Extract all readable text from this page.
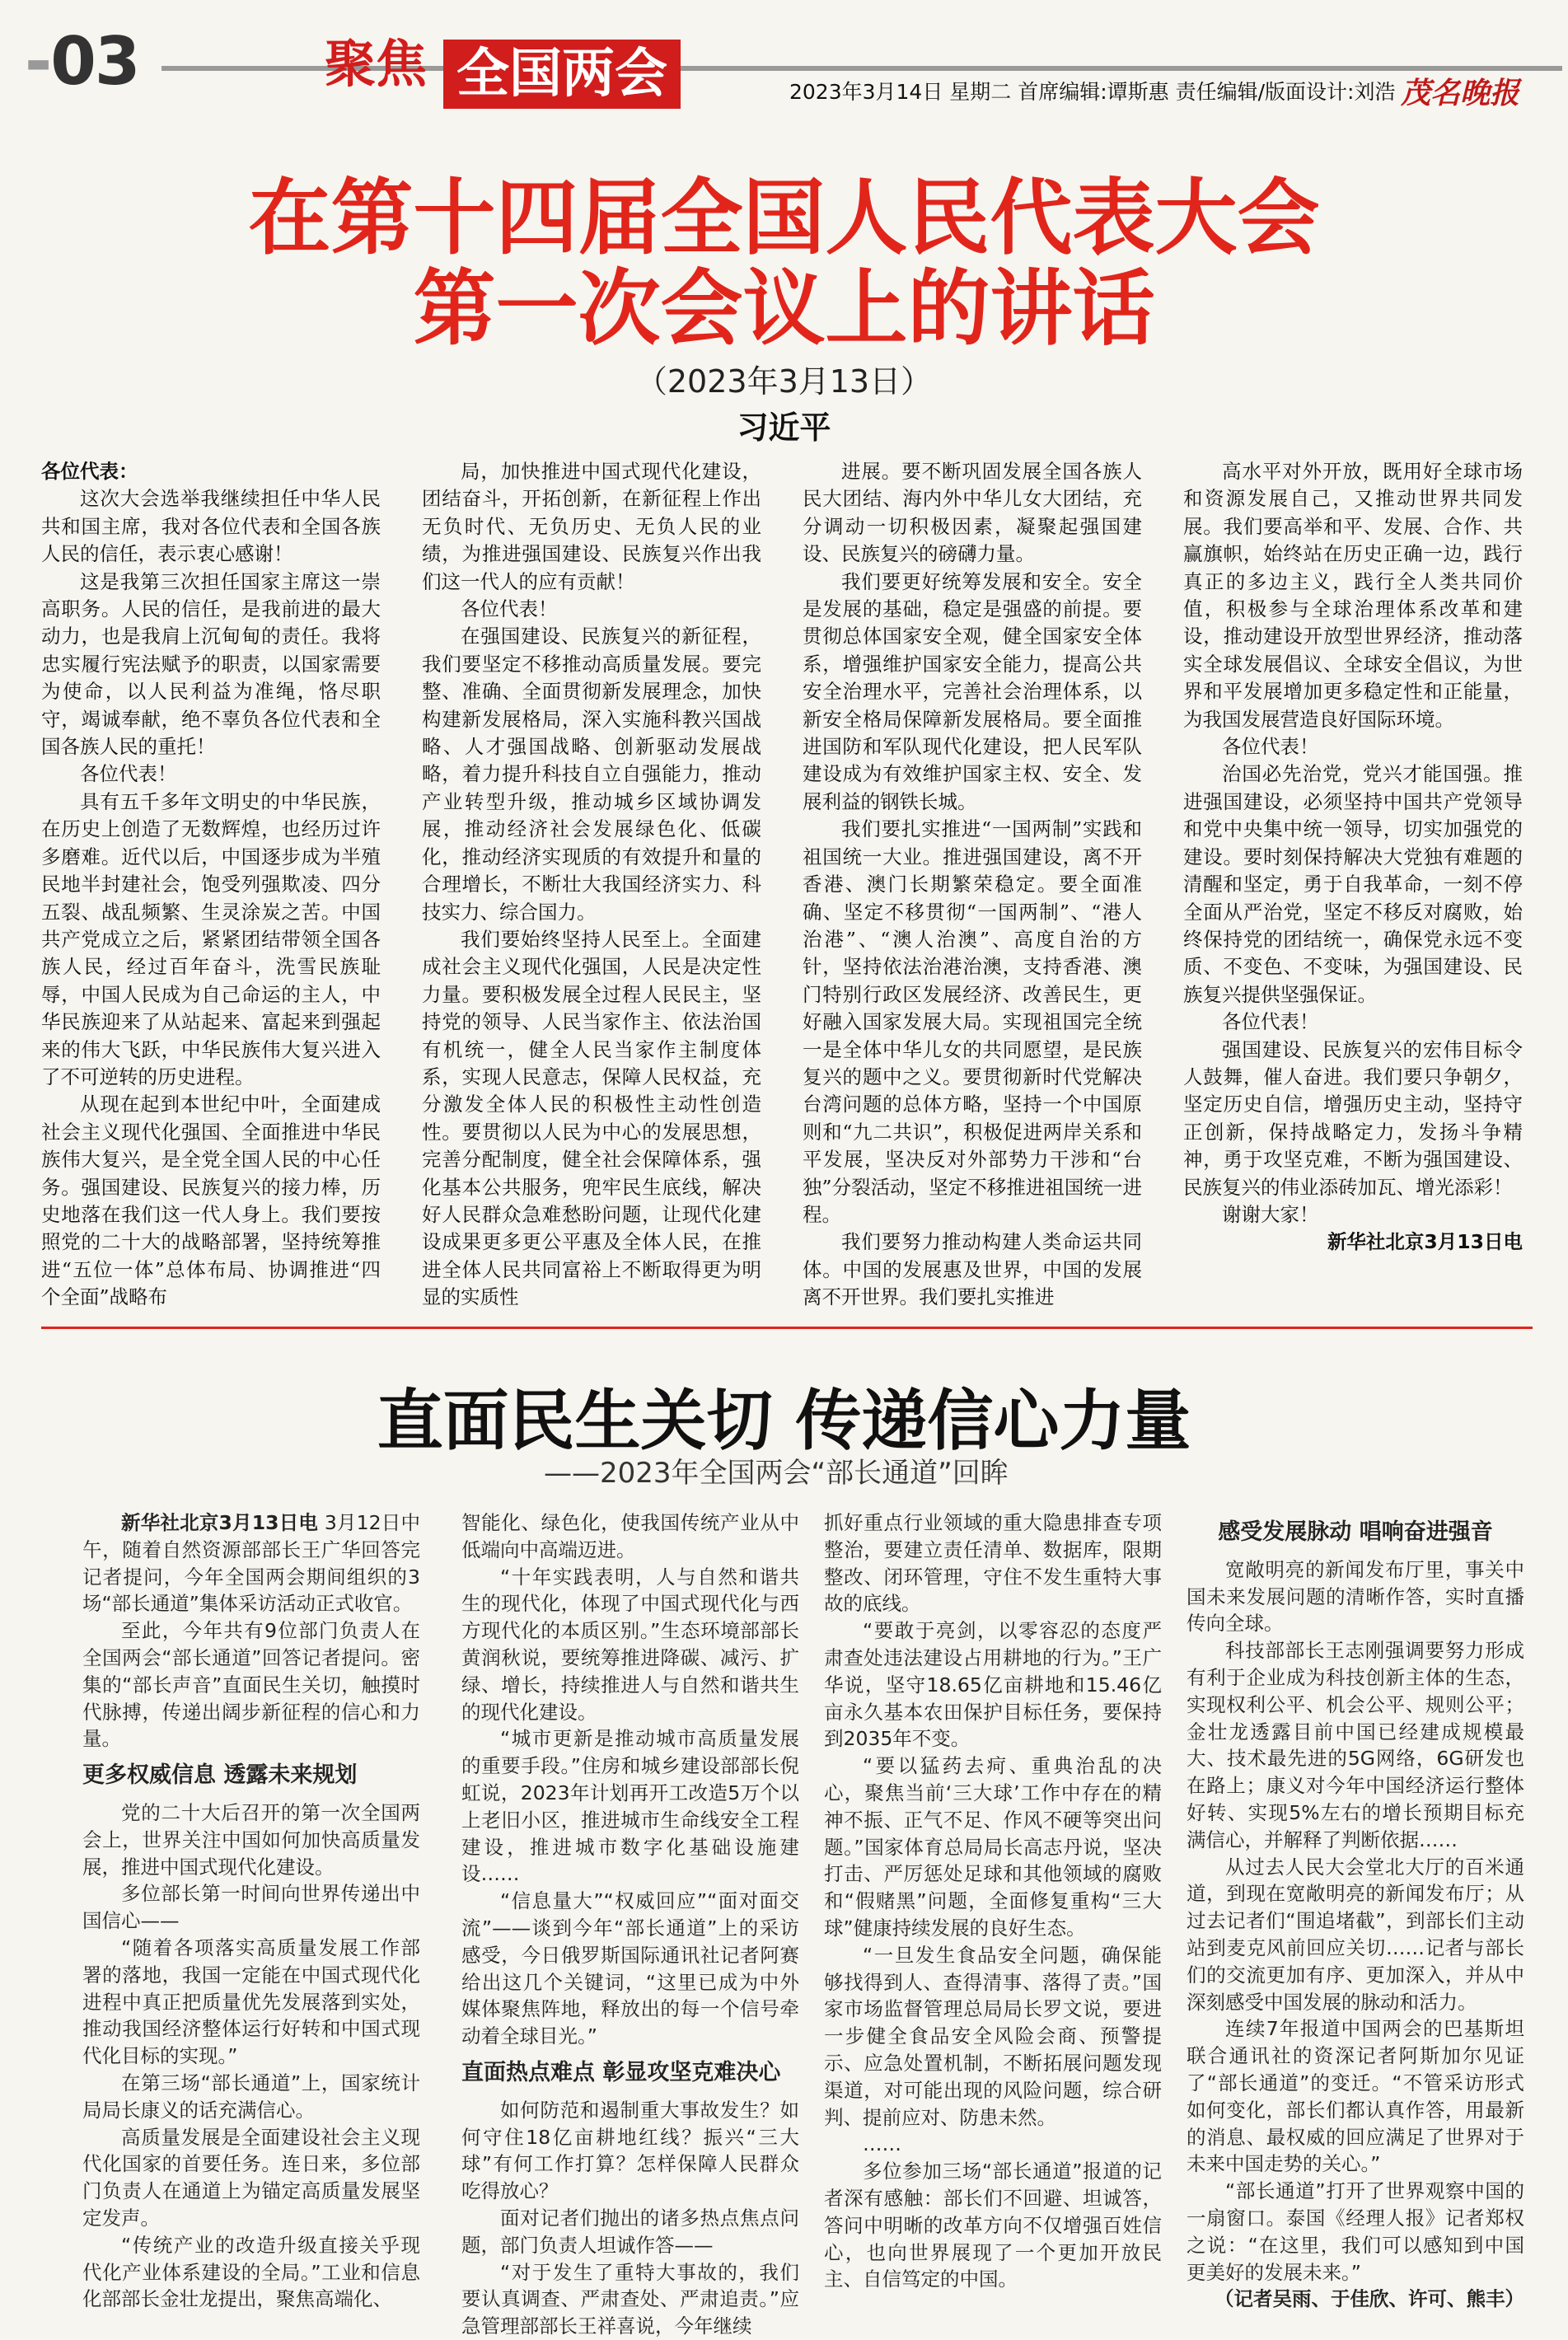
-03	聚焦 全国两会	2023年3月14日 星期二 首席编辑:谭斯惠 责任编辑/版面设计:刘浩 茂名晚报
在第十四届全国人民代表大会
第一次会议上的讲话
（2023年3月13日）
习近平

各位代表：

这次大会选举我继续担任中华人民共和国主席，我对各位代表和全国各族人民的信任，表示衷心感谢！

这是我第三次担任国家主席这一崇高职务。人民的信任，是我前进的最大动力，也是我肩上沉甸甸的责任。我将忠实履行宪法赋予的职责，以国家需要为使命，以人民利益为准绳，恪尽职守，竭诚奉献，绝不辜负各位代表和全国各族人民的重托！

各位代表！

具有五千多年文明史的中华民族，在历史上创造了无数辉煌，也经历过许多磨难。近代以后，中国逐步成为半殖民地半封建社会，饱受列强欺凌、四分五裂、战乱频繁、生灵涂炭之苦。中国共产党成立之后，紧紧团结带领全国各族人民，经过百年奋斗，洗雪民族耻辱，中国人民成为自己命运的主人，中华民族迎来了从站起来、富起来到强起来的伟大飞跃，中华民族伟大复兴进入了不可逆转的历史进程。

从现在起到本世纪中叶，全面建成社会主义现代化强国、全面推进中华民族伟大复兴，是全党全国人民的中心任务。强国建设、民族复兴的接力棒，历史地落在我们这一代人身上。我们要按照党的二十大的战略部署，坚持统筹推进“五位一体”总体布局、协调推进“四个全面”战略布

局，加快推进中国式现代化建设，团结奋斗，开拓创新，在新征程上作出无负时代、无负历史、无负人民的业绩，为推进强国建设、民族复兴作出我们这一代人的应有贡献！

各位代表！

在强国建设、民族复兴的新征程，我们要坚定不移推动高质量发展。要完整、准确、全面贯彻新发展理念，加快构建新发展格局，深入实施科教兴国战略、人才强国战略、创新驱动发展战略，着力提升科技自立自强能力，推动产业转型升级，推动城乡区域协调发展，推动经济社会发展绿色化、低碳化，推动经济实现质的有效提升和量的合理增长，不断壮大我国经济实力、科技实力、综合国力。

我们要始终坚持人民至上。全面建成社会主义现代化强国，人民是决定性力量。要积极发展全过程人民民主，坚持党的领导、人民当家作主、依法治国有机统一，健全人民当家作主制度体系，实现人民意志，保障人民权益，充分激发全体人民的积极性主动性创造性。要贯彻以人民为中心的发展思想，完善分配制度，健全社会保障体系，强化基本公共服务，兜牢民生底线，解决好人民群众急难愁盼问题，让现代化建设成果更多更公平惠及全体人民，在推进全体人民共同富裕上不断取得更为明显的实质性

进展。要不断巩固发展全国各族人民大团结、海内外中华儿女大团结，充分调动一切积极因素，凝聚起强国建设、民族复兴的磅礴力量。

我们要更好统筹发展和安全。安全是发展的基础，稳定是强盛的前提。要贯彻总体国家安全观，健全国家安全体系，增强维护国家安全能力，提高公共安全治理水平，完善社会治理体系，以新安全格局保障新发展格局。要全面推进国防和军队现代化建设，把人民军队建设成为有效维护国家主权、安全、发展利益的钢铁长城。

我们要扎实推进“一国两制”实践和祖国统一大业。推进强国建设，离不开香港、澳门长期繁荣稳定。要全面准确、坚定不移贯彻“一国两制”、“港人治港”、“澳人治澳”、高度自治的方针，坚持依法治港治澳，支持香港、澳门特别行政区发展经济、改善民生，更好融入国家发展大局。实现祖国完全统一是全体中华儿女的共同愿望，是民族复兴的题中之义。要贯彻新时代党解决台湾问题的总体方略，坚持一个中国原则和“九二共识”，积极促进两岸关系和平发展，坚决反对外部势力干涉和“台独”分裂活动，坚定不移推进祖国统一进程。

我们要努力推动构建人类命运共同体。中国的发展惠及世界，中国的发展离不开世界。我们要扎实推进

高水平对外开放，既用好全球市场和资源发展自己，又推动世界共同发展。我们要高举和平、发展、合作、共赢旗帜，始终站在历史正确一边，践行真正的多边主义，践行全人类共同价值，积极参与全球治理体系改革和建设，推动建设开放型世界经济，推动落实全球发展倡议、全球安全倡议，为世界和平发展增加更多稳定性和正能量，为我国发展营造良好国际环境。

各位代表！

治国必先治党，党兴才能国强。推进强国建设，必须坚持中国共产党领导和党中央集中统一领导，切实加强党的建设。要时刻保持解决大党独有难题的清醒和坚定，勇于自我革命，一刻不停全面从严治党，坚定不移反对腐败，始终保持党的团结统一，确保党永远不变质、不变色、不变味，为强国建设、民族复兴提供坚强保证。

各位代表！

强国建设、民族复兴的宏伟目标令人鼓舞，催人奋进。我们要只争朝夕，坚定历史自信，增强历史主动，坚持守正创新，保持战略定力，发扬斗争精神，勇于攻坚克难，不断为强国建设、民族复兴的伟业添砖加瓦、增光添彩！

谢谢大家！

新华社北京3月13日电

直面民生关切 传递信心力量
——2023年全国两会“部长通道”回眸

新华社北京3月13日电 3月12日中午，随着自然资源部部长王广华回答完记者提问，今年全国两会期间组织的3场“部长通道”集体采访活动正式收官。

至此，今年共有9位部门负责人在全国两会“部长通道”回答记者提问。密集的“部长声音”直面民生关切，触摸时代脉搏，传递出阔步新征程的信心和力量。

更多权威信息 透露未来规划

党的二十大后召开的第一次全国两会上，世界关注中国如何加快高质量发展，推进中国式现代化建设。

多位部长第一时间向世界传递出中国信心——

“随着各项落实高质量发展工作部署的落地，我国一定能在中国式现代化进程中真正把质量优先发展落到实处，推动我国经济整体运行好转和中国式现代化目标的实现。”

在第三场“部长通道”上，国家统计局局长康义的话充满信心。

高质量发展是全面建设社会主义现代化国家的首要任务。连日来，多位部门负责人在通道上为锚定高质量发展坚定发声。

“传统产业的改造升级直接关乎现代化产业体系建设的全局。”工业和信息化部部长金壮龙提出，聚焦高端化、

智能化、绿色化，使我国传统产业从中低端向中高端迈进。

“十年实践表明，人与自然和谐共生的现代化，体现了中国式现代化与西方现代化的本质区别。”生态环境部部长黄润秋说，要统筹推进降碳、减污、扩绿、增长，持续推进人与自然和谐共生的现代化建设。

“城市更新是推动城市高质量发展的重要手段。”住房和城乡建设部部长倪虹说，2023年计划再开工改造5万个以上老旧小区，推进城市生命线安全工程建设，推进城市数字化基础设施建设……

“信息量大”“权威回应”“面对面交流”——谈到今年“部长通道”上的采访感受，今日俄罗斯国际通讯社记者阿赛给出这几个关键词，“这里已成为中外媒体聚焦阵地，释放出的每一个信号牵动着全球目光。”

直面热点难点 彰显攻坚克难决心

如何防范和遏制重大事故发生？如何守住18亿亩耕地红线？振兴“三大球”有何工作打算？怎样保障人民群众吃得放心？

面对记者们抛出的诸多热点焦点问题，部门负责人坦诚作答——

“对于发生了重特大事故的，我们要认真调查、严肃查处、严肃追责。”应急管理部部长王祥喜说，今年继续

抓好重点行业领域的重大隐患排查专项整治，要建立责任清单、数据库，限期整改、闭环管理，守住不发生重特大事故的底线。

“要敢于亮剑，以零容忍的态度严肃查处违法建设占用耕地的行为。”王广华说，坚守18.65亿亩耕地和15.46亿亩永久基本农田保护目标任务，要保持到2035年不变。

“要以猛药去疴、重典治乱的决心，聚焦当前‘三大球’工作中存在的精神不振、正气不足、作风不硬等突出问题。”国家体育总局局长高志丹说，坚决打击、严厉惩处足球和其他领域的腐败和“假赌黑”问题，全面修复重构“三大球”健康持续发展的良好生态。

“一旦发生食品安全问题，确保能够找得到人、查得清事、落得了责。”国家市场监督管理总局局长罗文说，要进一步健全食品安全风险会商、预警提示、应急处置机制，不断拓展问题发现渠道，对可能出现的风险问题，综合研判、提前应对、防患未然。

……

多位参加三场“部长通道”报道的记者深有感触：部长们不回避、坦诚答，答问中明晰的改革方向不仅增强百姓信心，也向世界展现了一个更加开放民主、自信笃定的中国。

感受发展脉动 唱响奋进强音

宽敞明亮的新闻发布厅里，事关中国未来发展问题的清晰作答，实时直播传向全球。

科技部部长王志刚强调要努力形成有利于企业成为科技创新主体的生态，实现权利公平、机会公平、规则公平；金壮龙透露目前中国已经建成规模最大、技术最先进的5G网络，6G研发也在路上；康义对今年中国经济运行整体好转、实现5%左右的增长预期目标充满信心，并解释了判断依据……

从过去人民大会堂北大厅的百米通道，到现在宽敞明亮的新闻发布厅；从过去记者们“围追堵截”，到部长们主动站到麦克风前回应关切……记者与部长们的交流更加有序、更加深入，并从中深刻感受中国发展的脉动和活力。

连续7年报道中国两会的巴基斯坦联合通讯社的资深记者阿斯加尔见证了“部长通道”的变迁。“不管采访形式如何变化，部长们都认真作答，用最新的消息、最权威的回应满足了世界对于未来中国走势的关心。”

“部长通道”打开了世界观察中国的一扇窗口。泰国《经理人报》记者郑权之说：“在这里，我们可以感知到中国更美好的发展未来。”

（记者吴雨、于佳欣、许可、熊丰）
